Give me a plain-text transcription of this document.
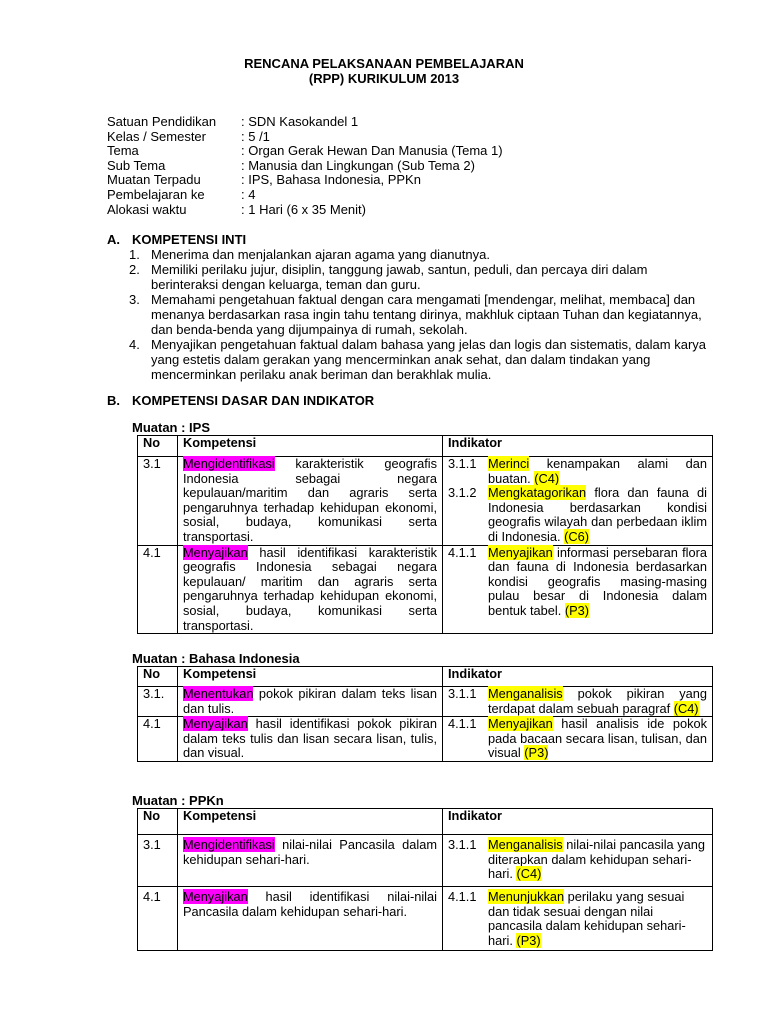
RENCANA PELAKSANAAN PEMBELAJARAN
(RPP) KURIKULUM 2013
Satuan Pendidikan	: SDN Kasokandel 1
Kelas / Semester	: 5 /1
Tema	: Organ Gerak Hewan Dan Manusia (Tema 1)
Sub Tema	: Manusia dan Lingkungan (Sub Tema 2)
Muatan Terpadu	: IPS, Bahasa Indonesia, PPKn
Pembelajaran ke	: 4
Alokasi waktu	: 1 Hari (6 x 35 Menit)
A. KOMPETENSI INTI
1. Menerima dan menjalankan ajaran agama yang dianutnya.
2. Memiliki perilaku jujur, disiplin, tanggung jawab, santun, peduli, dan percaya diri dalam berinteraksi dengan keluarga, teman dan guru.
3. Memahami pengetahuan faktual dengan cara mengamati [mendengar, melihat, membaca] dan menanya berdasarkan rasa ingin tahu tentang dirinya, makhluk ciptaan Tuhan dan kegiatannya, dan benda-benda yang dijumpainya di rumah, sekolah.
4. Menyajikan pengetahuan faktual dalam bahasa yang jelas dan logis dan sistematis, dalam karya yang estetis dalam gerakan yang mencerminkan anak sehat, dan dalam tindakan yang mencerminkan perilaku anak beriman dan berakhlak mulia.
B. KOMPETENSI DASAR DAN INDIKATOR
Muatan : IPS
No	Kompetensi	Indikator
3.1	Mengidentifikasi karakteristik geografis Indonesia sebagai negara kepulauan/maritim dan agraris serta pengaruhnya terhadap kehidupan ekonomi, sosial, budaya, komunikasi serta transportasi.	3.1.1 Merinci kenampakan alami dan buatan. (C4)
3.1.2 Mengkatagorikan flora dan fauna di Indonesia berdasarkan kondisi geografis wilayah dan perbedaan iklim di Indonesia. (C6)

4.1	Menyajikan hasil identifikasi karakteristik geografis Indonesia sebagai negara kepulauan/ maritim dan agraris serta pengaruhnya terhadap kehidupan ekonomi, sosial, budaya, komunikasi serta transportasi.	4.1.1 Menyajikan informasi persebaran flora dan fauna di Indonesia berdasarkan kondisi geografis masing-masing pulau besar di Indonesia dalam bentuk tabel. (P3)
Muatan : Bahasa Indonesia
No	Kompetensi	Indikator
3.1.	Menentukan pokok pikiran dalam teks lisan dan tulis.	3.1.1 Menganalisis pokok pikiran yang terdapat dalam sebuah paragraf (C4)

4.1	Menyajikan hasil identifikasi pokok pikiran dalam teks tulis dan lisan secara lisan, tulis, dan visual.	4.1.1 Menyajikan hasil analisis ide pokok pada bacaan secara lisan, tulisan, dan visual (P3)
Muatan : PPKn
No	Kompetensi	Indikator
3.1	Mengidentifikasi nilai-nilai Pancasila dalam kehidupan sehari-hari.	3.1.1 Menganalisis nilai-nilai pancasila yang diterapkan dalam kehidupan sehari-hari. (C4)

4.1	Menyajikan hasil identifikasi nilai-nilai Pancasila dalam kehidupan sehari-hari.	4.1.1 Menunjukkan perilaku yang sesuai dan tidak sesuai dengan nilai pancasila dalam kehidupan sehari-hari. (P3)
